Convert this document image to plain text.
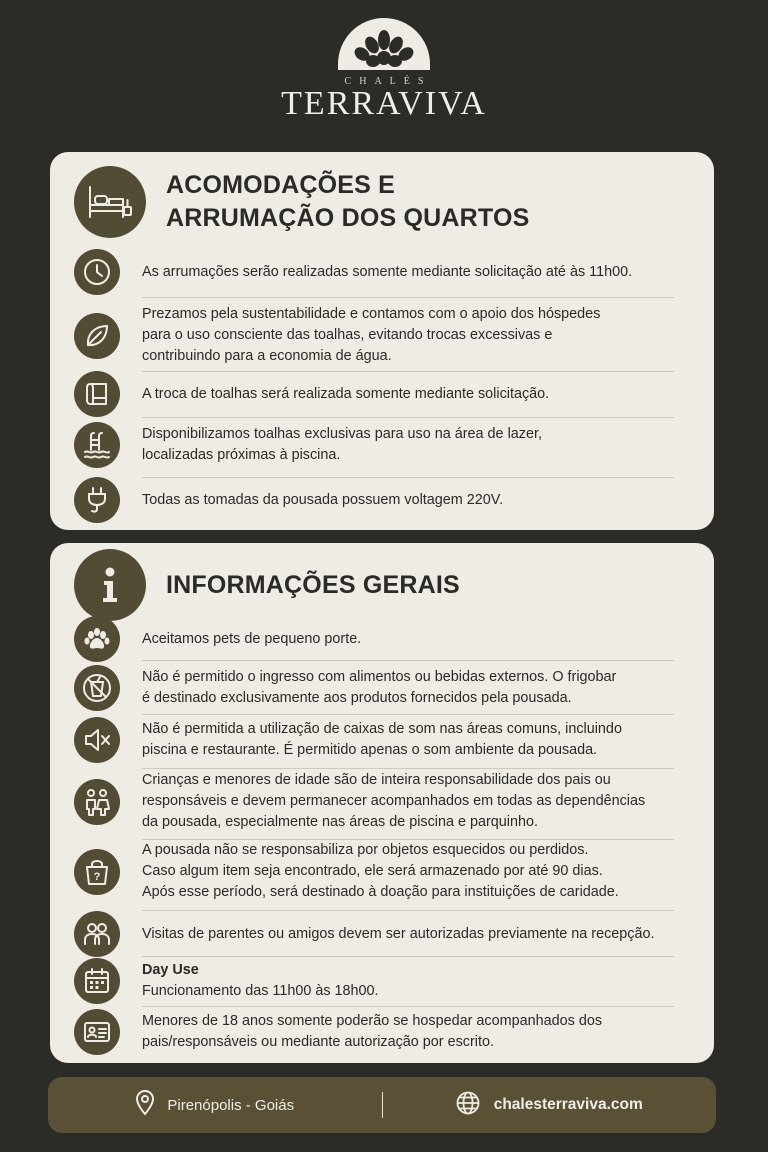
CHALÉS
TERRAVIVA
ACOMODAÇÕES E
ARRUMAÇÃO DOS QUARTOS
As arrumações serão realizadas somente mediante solicitação até às 11h00.
Prezamos pela sustentabilidade e contamos com o apoio dos hóspedes
para o uso consciente das toalhas, evitando trocas excessivas e
contribuindo para a economia de água.
A troca de toalhas será realizada somente mediante solicitação.
Disponibilizamos toalhas exclusivas para uso na área de lazer,
localizadas próximas à piscina.
Todas as tomadas da pousada possuem voltagem 220V.
INFORMAÇÕES GERAIS
Aceitamos pets de pequeno porte.
Não é permitido o ingresso com alimentos ou bebidas externos. O frigobar
é destinado exclusivamente aos produtos fornecidos pela pousada.
Não é permitida a utilização de caixas de som nas áreas comuns, incluindo
piscina e restaurante. É permitido apenas o som ambiente da pousada.
Crianças e menores de idade são de inteira responsabilidade dos pais ou
responsáveis e devem permanecer acompanhados em todas as dependências
da pousada, especialmente nas áreas de piscina e parquinho.
?
A pousada não se responsabiliza por objetos esquecidos ou perdidos.
Caso algum item seja encontrado, ele será armazenado por até 90 dias.
Após esse período, será destinado à doação para instituições de caridade.
Visitas de parentes ou amigos devem ser autorizadas previamente na recepção.
Day Use
Funcionamento das 11h00 às 18h00.
Menores de 18 anos somente poderão se hospedar acompanhados dos
pais/responsáveis ou mediante autorização por escrito.
Pirenópolis - Goiás	chalesterraviva.com
